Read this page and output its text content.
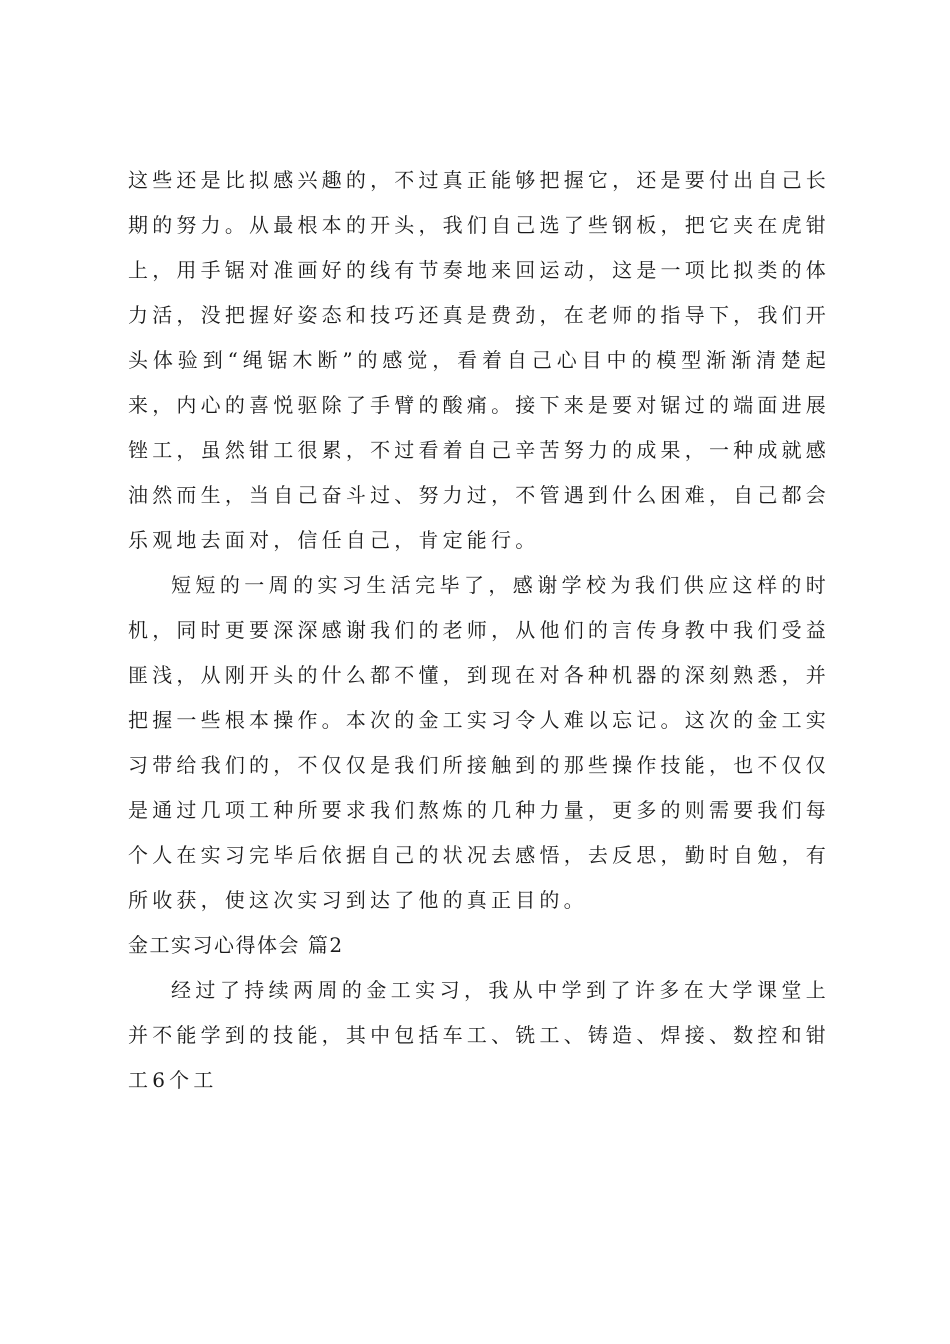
这些还是比拟感兴趣的，不过真正能够把握它，还是要付出自己长期的努力。从最根本的开头，我们自己选了些钢板，把它夹在虎钳上，用手锯对准画好的线有节奏地来回运动，这是一项比拟类的体力活，没把握好姿态和技巧还真是费劲，在老师的指导下，我们开头体验到“绳锯木断”的感觉，看着自己心目中的模型渐渐清楚起来，内心的喜悦驱除了手臂的酸痛。接下来是要对锯过的端面进展锉工，虽然钳工很累，不过看着自己辛苦努力的成果，一种成就感油然而生，当自己奋斗过、努力过，不管遇到什么困难，自己都会乐观地去面对，信任自己，肯定能行。

短短的一周的实习生活完毕了，感谢学校为我们供应这样的时机，同时更要深深感谢我们的老师，从他们的言传身教中我们受益匪浅，从刚开头的什么都不懂，到现在对各种机器的深刻熟悉，并把握一些根本操作。本次的金工实习令人难以忘记。这次的金工实习带给我们的，不仅仅是我们所接触到的那些操作技能，也不仅仅是通过几项工种所要求我们熬炼的几种力量，更多的则需要我们每个人在实习完毕后依据自己的状况去感悟，去反思，勤时自勉，有所收获，使这次实习到达了他的真正目的。

金工实习心得体会 篇2

经过了持续两周的金工实习，我从中学到了许多在大学课堂上并不能学到的技能，其中包括车工、铣工、铸造、焊接、数控和钳工6个工
